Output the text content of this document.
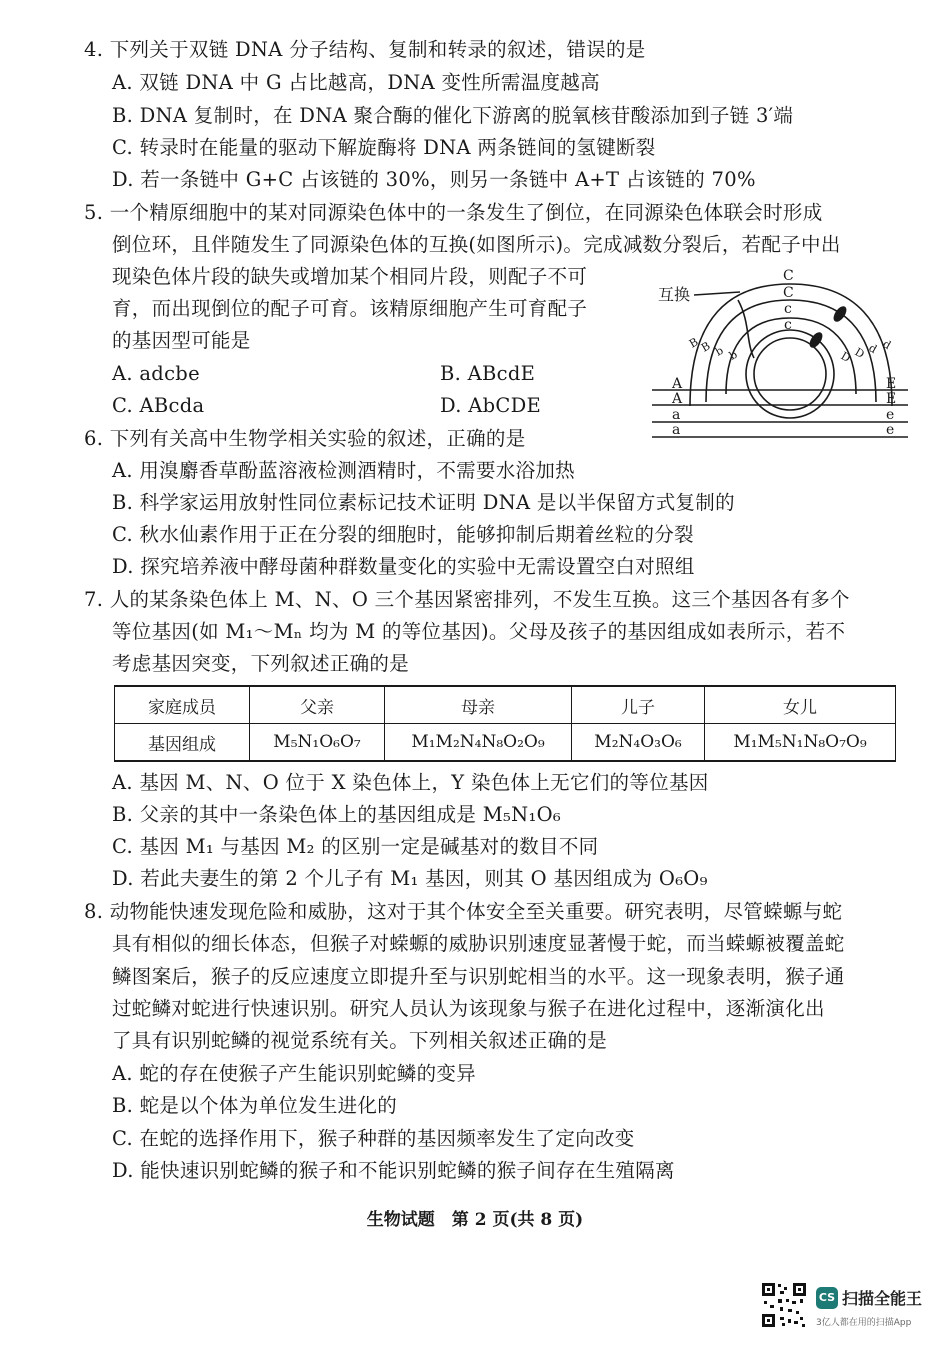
4. 下列关于双链 DNA 分子结构、复制和转录的叙述，错误的是
A. 双链 DNA 中 G 占比越高，DNA 变性所需温度越高
B. DNA 复制时，在 DNA 聚合酶的催化下游离的脱氧核苷酸添加到子链 3′端
C. 转录时在能量的驱动下解旋酶将 DNA 两条链间的氢键断裂
D. 若一条链中 G+C 占该链的 30%，则另一条链中 A+T 占该链的 70%
5. 一个精原细胞中的某对同源染色体中的一条发生了倒位，在同源染色体联会时形成
倒位环，且伴随发生了同源染色体的互换(如图所示)。完成减数分裂后，若配子中出
现染色体片段的缺失或增加某个相同片段，则配子不可
育，而出现倒位的配子可育。该精原细胞产生可育配子
的基因型可能是
A. adcbe	B. ABcdE
C. ABcda	D. AbCDE
互换
C
C
c
c
A
A
a
a
E
E
e
e
B
B b b	D D d d
6. 下列有关高中生物学相关实验的叙述，正确的是
A. 用溴麝香草酚蓝溶液检测酒精时，不需要水浴加热
B. 科学家运用放射性同位素标记技术证明 DNA 是以半保留方式复制的
C. 秋水仙素作用于正在分裂的细胞时，能够抑制后期着丝粒的分裂
D. 探究培养液中酵母菌种群数量变化的实验中无需设置空白对照组
7. 人的某条染色体上 M、N、O 三个基因紧密排列，不发生互换。这三个基因各有多个
等位基因(如 M₁～Mₙ 均为 M 的等位基因)。父母及孩子的基因组成如表所示，若不
考虑基因突变，下列叙述正确的是
家庭成员	父亲	母亲	儿子	女儿
基因组成	M₅N₁O₆O₇	M₁M₂N₄N₈O₂O₉	M₂N₄O₃O₆	M₁M₅N₁N₈O₇O₉
A. 基因 M、N、O 位于 X 染色体上，Y 染色体上无它们的等位基因
B. 父亲的其中一条染色体上的基因组成是 M₅N₁O₆
C. 基因 M₁ 与基因 M₂ 的区别一定是碱基对的数目不同
D. 若此夫妻生的第 2 个儿子有 M₁ 基因，则其 O 基因组成为 O₆O₉
8. 动物能快速发现危险和威胁，这对于其个体安全至关重要。研究表明，尽管蝾螈与蛇
具有相似的细长体态，但猴子对蝾螈的威胁识别速度显著慢于蛇，而当蝾螈被覆盖蛇
鳞图案后，猴子的反应速度立即提升至与识别蛇相当的水平。这一现象表明，猴子通
过蛇鳞对蛇进行快速识别。研究人员认为该现象与猴子在进化过程中，逐渐演化出
了具有识别蛇鳞的视觉系统有关。下列相关叙述正确的是
A. 蛇的存在使猴子产生能识别蛇鳞的变异
B. 蛇是以个体为单位发生进化的
C. 在蛇的选择作用下，猴子种群的基因频率发生了定向改变
D. 能快速识别蛇鳞的猴子和不能识别蛇鳞的猴子间存在生殖隔离
生物试题　第 2 页(共 8 页)
CS 扫描全能王
3亿人都在用的扫描App
